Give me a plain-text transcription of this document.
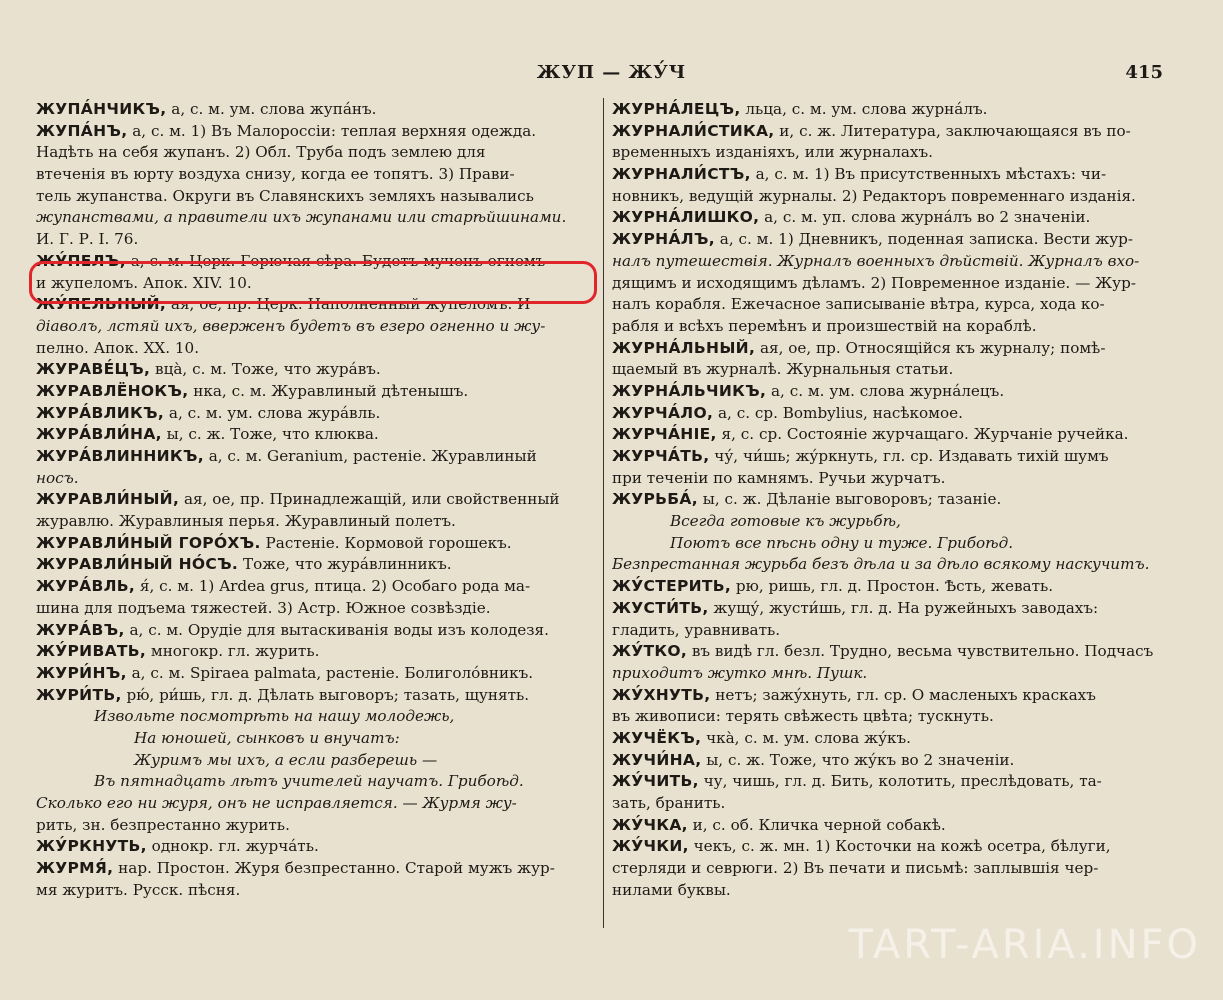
ЖУП — ЖУ́Ч	415
ЖУПА́НЧИКЪ, а, с. м. ум. слова жупа́нъ.
ЖУПА́НЪ, а, с. м. 1) Въ Малороссіи: теплая верхняя одежда.
Надѣть на себя жупанъ. 2) Обл. Труба подъ землею для
втеченія въ юрту воздуха снизу, когда ее топятъ. 3) Прави-
тель жупанства. Округи въ Славянскихъ земляхъ назывались
жупанствами, а правители ихъ жупанами или старѣйшинами.
И. Г. Р. I. 76.
ЖУ́ПЕЛЪ, а, с. м. Церк. Горючая сѣра. Будетъ мученъ огнемъ
и жупеломъ. Апок. XIV. 10.
ЖУ́ПЕЛЬНЫЙ, ая, ое, пр. Церк. Наполненный жупеломъ. И
діаволъ, лстяй ихъ, вверженъ будетъ въ езеро огненно и жу-
пелно. Апок. XX. 10.
ЖУРАВЕ́ЦЪ, вца̀, с. м. Тоже, что жура́въ.
ЖУРАВЛЁНОКЪ, нка, с. м. Журавлиный дѣтенышъ.
ЖУРА́ВЛИКЪ, а, с. м. ум. слова жура́вль.
ЖУРА́ВЛИ́НА, ы, с. ж. Тоже, что клюква.
ЖУРА́ВЛИННИКЪ, а, с. м. Geranium, растеніе. Журавлиный
носъ.
ЖУРАВЛИ́НЫЙ, ая, ое, пр. Принадлежащій, или свойственный
журавлю. Журавлиныя перья. Журавлиный полетъ.
ЖУРАВЛИ́НЫЙ ГОРО́ХЪ. Растеніе. Кормовой горошекъ.
ЖУРАВЛИ́НЫЙ НО́СЪ. Тоже, что жура́влинникъ.
ЖУРА́ВЛЬ, я́, с. м. 1) Ardea grus, птица. 2) Особаго рода ма-
шина для подъема тяжестей. 3) Астр. Южное созвѣздіе.
ЖУРА́ВЪ, а, с. м. Орудіе для вытаскиванія воды изъ колодезя.
ЖУ́РИВАТЬ, многокр. гл. журить.
ЖУРИ́НЪ, а, с. м. Spiraea palmata, растеніе. Болиголо́вникъ.
ЖУРИ́ТЬ, рю́, ри́шь, гл. д. Дѣлать выговоръ; тазать, щунять.
Извольте посмотрѣть на нашу молодежь,
На юношей, сынковъ и внучатъ:
Журимъ мы ихъ, а если разберешь —
Въ пятнадцать лѣтъ учителей научатъ. Грибоѣд.
Сколько его ни журя, онъ не исправляется. — Журмя жу-
рить, зн. безпрестанно журить.
ЖУ́РКНУТЬ, однокр. гл. журча́ть.
ЖУРМЯ́, нар. Простон. Журя безпрестанно. Старой мужъ жур-
мя журитъ. Русск. пѣсня.
ЖУРНА́ЛЕЦЪ, льца, с. м. ум. слова журна́лъ.
ЖУРНАЛИ́СТИКА, и, с. ж. Литература, заключающаяся въ по-
временныхъ изданіяхъ, или журналахъ.
ЖУРНАЛИ́СТЪ, а, с. м. 1) Въ присутственныхъ мѣстахъ: чи-
новникъ, ведущій журналы. 2) Редакторъ повременнаго изданія.
ЖУРНА́ЛИШКО, а, с. м. уп. слова журна́лъ во 2 значеніи.
ЖУРНА́ЛЪ, а, с. м. 1) Дневникъ, поденная записка. Вести жур-
налъ путешествія. Журналъ военныхъ дѣйствій. Журналъ вхо-
дящимъ и исходящимъ дѣламъ. 2) Повременное изданіе. — Жур-
налъ корабля. Ежечасное записываніе вѣтра, курса, хода ко-
рабля и всѣхъ перемѣнъ и произшествій на кораблѣ.
ЖУРНА́ЛЬНЫЙ, ая, ое, пр. Относящійся къ журналу; помѣ-
щаемый въ журналѣ. Журнальныя статьи.
ЖУРНА́ЛЬЧИКЪ, а, с. м. ум. слова журна́лецъ.
ЖУРЧА́ЛО, а, с. ср. Bombylius, насѣкомое.
ЖУРЧА́НІЕ, я, с. ср. Состояніе журчащаго. Журчаніе ручейка.
ЖУРЧА́ТЬ, чу́, чи́шь; жу́ркнуть, гл. ср. Издавать тихій шумъ
при теченіи по камнямъ. Ручьи журчатъ.
ЖУРЬБА́, ы, с. ж. Дѣланіе выговоровъ; тазаніе.
Всегда готовые къ журьбѣ,
Поютъ все пѣснь одну и туже. Грибоѣд.
Безпрестанная журьба безъ дѣла и за дѣло всякому наскучитъ.
ЖУ́СТЕРИТЬ, рю, ришь, гл. д. Простон. Ѣсть, жевать.
ЖУСТИ́ТЬ, жущу́, жусти́шь, гл. д. На ружейныхъ заводахъ:
гладить, уравнивать.
ЖУ́ТКО, въ видѣ гл. безл. Трудно, весьма чувствительно. Подчасъ
приходитъ жутко мнѣ. Пушк.
ЖУ́ХНУТЬ, нетъ; зажу́хнуть, гл. ср. О масленыхъ краскахъ
въ живописи: терять свѣжесть цвѣта; тускнуть.
ЖУЧЁКЪ, чка̀, с. м. ум. слова жу́къ.
ЖУЧИ́НА, ы, с. ж. Тоже, что жу́къ во 2 значеніи.
ЖУ́ЧИТЬ, чу, чишь, гл. д. Бить, колотить, преслѣдовать, та-
зать, бранить.
ЖУ́ЧКА, и, с. об. Кличка черной собакѣ.
ЖУ́ЧКИ, чекъ, с. ж. мн. 1) Косточки на кожѣ осетра, бѣлуги,
стерляди и севрюги. 2) Въ печати и письмѣ: заплывшія чер-
нилами буквы.
TART-ARIA.INFO
